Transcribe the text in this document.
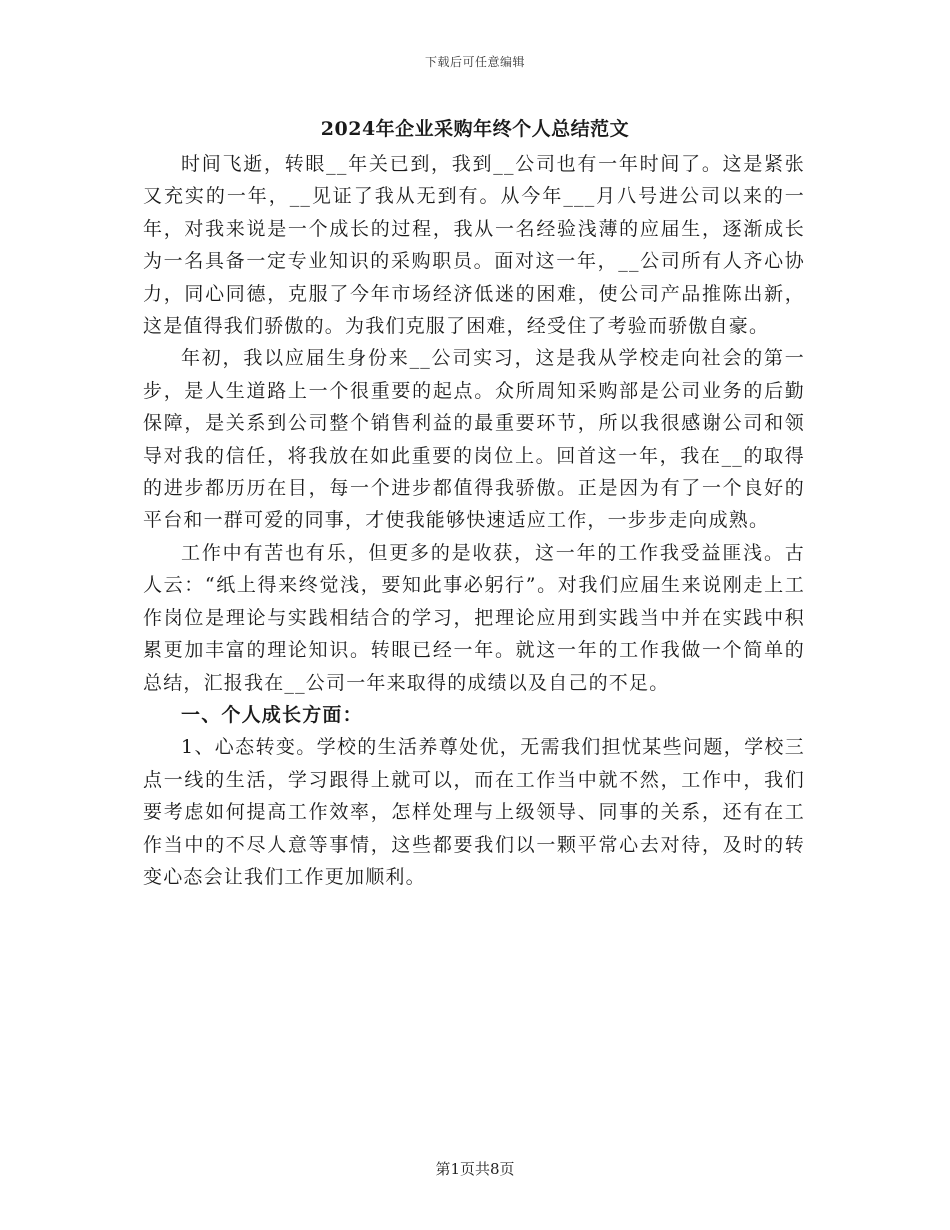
下载后可任意编辑
2024年企业采购年终个人总结范文

时间飞逝，转眼__年关已到，我到__公司也有一年时间了。这是紧张又充实的一年，__见证了我从无到有。从今年___月八号进公司以来的一年，对我来说是一个成长的过程，我从一名经验浅薄的应届生，逐渐成长为一名具备一定专业知识的采购职员。面对这一年，__公司所有人齐心协力，同心同德，克服了今年市场经济低迷的困难，使公司产品推陈出新，这是值得我们骄傲的。为我们克服了困难，经受住了考验而骄傲自豪。

年初，我以应届生身份来__公司实习，这是我从学校走向社会的第一步，是人生道路上一个很重要的起点。众所周知采购部是公司业务的后勤保障，是关系到公司整个销售利益的最重要环节，所以我很感谢公司和领导对我的信任，将我放在如此重要的岗位上。回首这一年，我在__的取得的进步都历历在目，每一个进步都值得我骄傲。正是因为有了一个良好的平台和一群可爱的同事，才使我能够快速适应工作，一步步走向成熟。

工作中有苦也有乐，但更多的是收获，这一年的工作我受益匪浅。古人云：“纸上得来终觉浅，要知此事必躬行”。对我们应届生来说刚走上工作岗位是理论与实践相结合的学习，把理论应用到实践当中并在实践中积累更加丰富的理论知识。转眼已经一年。就这一年的工作我做一个简单的总结，汇报我在__公司一年来取得的成绩以及自己的不足。

一、个人成长方面：

1、心态转变。学校的生活养尊处优，无需我们担忧某些问题，学校三点一线的生活，学习跟得上就可以，而在工作当中就不然，工作中，我们要考虑如何提高工作效率，怎样处理与上级领导、同事的关系，还有在工作当中的不尽人意等事情，这些都要我们以一颗平常心去对待，及时的转变心态会让我们工作更加顺利。

第1页共8页
